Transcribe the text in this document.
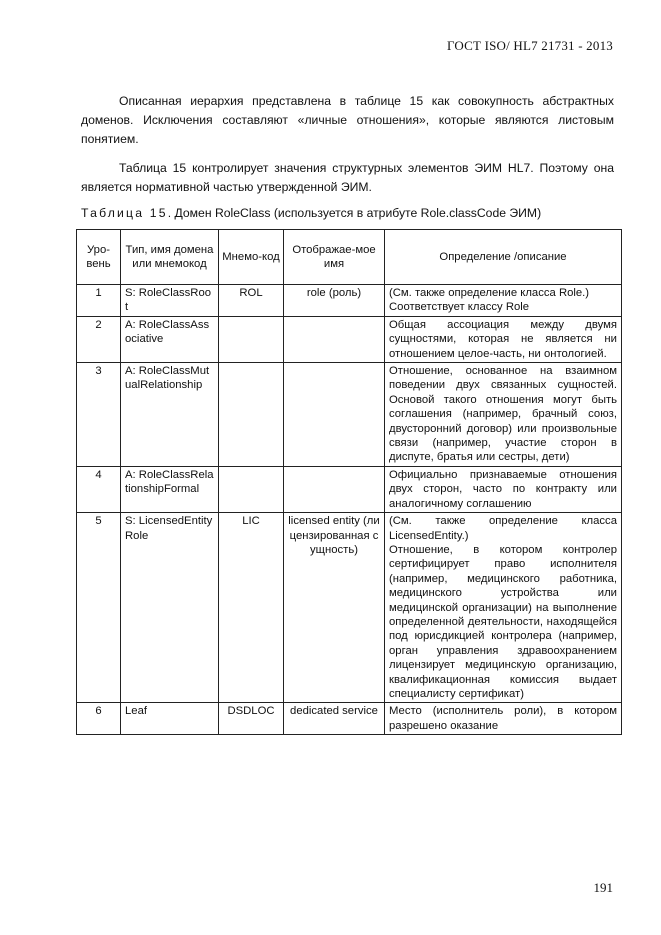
ГОСТ ISO/ HL7 21731 - 2013

Описанная иерархия представлена в таблице 15 как совокупность абстрактных доменов. Исключения составляют «личные отношения», которые являются листовым понятием.

Таблица 15 контролирует значения структурных элементов ЭИМ HL7. Поэтому она является нормативной частью утвержденной ЭИМ.

Таблица 15. Домен RoleClass (используется в атрибуте Role.classCode ЭИМ)
Уро-вень	Тип, имя домена или мнемокод	Мнемо-код	Отображае-мое имя	Определение /описание
1	S: RoleClassRoot	ROL	role (роль)	(См. также определение класса Role.)
Соответствует классу Role

2	A: RoleClassAssociative			Общая ассоциация между двумя сущностями, которая не является ни отношением целое-часть, ни онтологией.

3	A: RoleClassMutualRelationship			Отношение, основанное на взаимном поведении двух связанных сущностей. Основой такого отношения могут быть соглашения (например, брачный союз, двусторонний договор) или произвольные связи (например, участие сторон в диспуте, братья или сестры, дети)

4	A: RoleClassRelationshipFormal			Официально признаваемые отношения двух сторон, часто по контракту или аналогичному соглашению

5	S: LicensedEntityRole	LIC	licensed entity (лицензированная сущность)	(См. также определение класса LicensedEntity.)
Отношение, в котором контролер сертифицирует право исполнителя (например, медицинского работника, медицинского устройства или медицинской организации) на выполнение определенной деятельности, находящейся под юрисдикцией контролера (например, орган управления здравоохранением лицензирует медицинскую организацию, квалификационная комиссия выдает специалисту сертификат)

6	Leaf	DSDLOC	dedicated service	Место (исполнитель роли), в котором разрешено оказание
191
